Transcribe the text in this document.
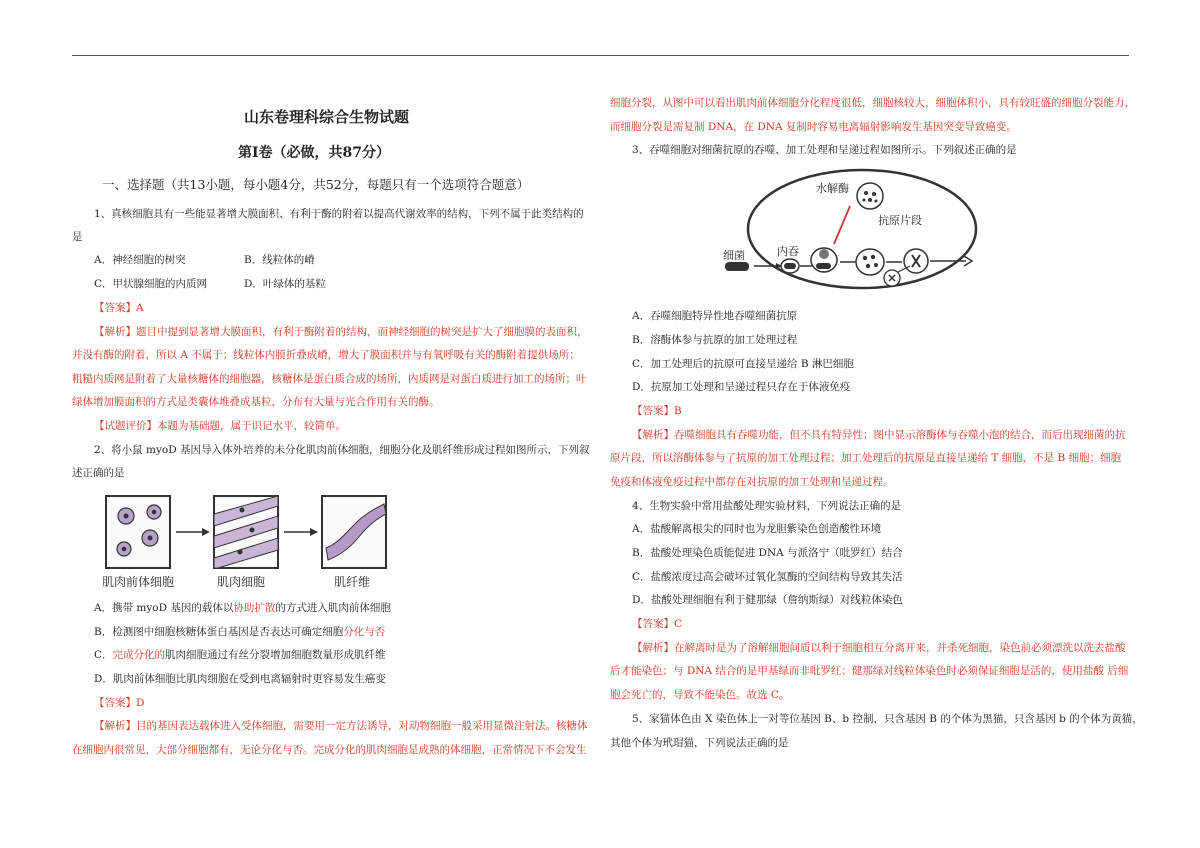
山东卷理科综合生物试题
第Ⅰ卷（必做，共87分）
一、选择题（共13小题，每小题4分，共52分，每题只有一个选项符合题意）
1、真核细胞具有一些能显著增大膜面积、有利于酶的附着以提高代谢效率的结构，下列不属于此类结构的
是
A．神经细胞的树突	B．线粒体的嵴
C．甲状腺细胞的内质网	D．叶绿体的基粒
【答案】A
【解析】题目中提到显著增大膜面积，有利于酶附着的结构，而神经细胞的树突是扩大了细胞膜的表面积，
并没有酶的附着，所以 A 不属于；线粒体内膜折叠成嵴，增大了膜面积并与有氧呼吸有关的酶附着提供场所；
粗糙内质网是附着了大量核糖体的细胞器，核糖体是蛋白质合成的场所，内质网是对蛋白质进行加工的场所；叶
绿体增加膜面积的方式是类囊体堆叠成基粒，分布有大量与光合作用有关的酶。
【试题评价】本题为基础题，属于识记水平，较简单。
2、将小鼠 myoD 基因导入体外培养的未分化肌肉前体细胞，细胞分化及肌纤维形成过程如图所示，下列叙
述正确的是
肌肉前体细胞	肌肉细胞	肌纤维
A．携带 myoD 基因的载体以协助扩散的方式进入肌肉前体细胞
B．检测图中细胞核糖体蛋白基因是否表达可确定细胞分化与否
C．完成分化的肌肉细胞通过有丝分裂增加细胞数量形成肌纤维
D．肌肉前体细胞比肌肉细胞在受到电离辐射时更容易发生癌变
【答案】D
【解析】目的基因表达载体进入受体细胞，需要用一定方法诱导，对动物细胞一般采用显微注射法。核糖体
在细胞内很常见，大部分细胞都有，无论分化与否。完成分化的肌肉细胞是成熟的体细胞，正常情况下不会发生
细胞分裂，从图中可以看出肌肉前体细胞分化程度很低，细胞核较大，细胞体积小，具有较旺盛的细胞分裂能力，
而细胞分裂是需复制 DNA，在 DNA 复制时容易电离辐射影响发生基因突变导致癌变。
3、吞噬细胞对细菌抗原的吞噬、加工处理和呈递过程如图所示。下列叙述正确的是
细菌	内吞
水解酶
抗原片段
A．吞噬细胞特异性地吞噬细菌抗原
B．溶酶体参与抗原的加工处理过程
C．加工处理后的抗原可直接呈递给 B 淋巴细胞
D．抗原加工处理和呈递过程只存在于体液免疫
【答案】B
【解析】吞噬细胞具有吞噬功能，但不具有特异性；图中显示溶酶体与吞噬小泡的结合，而后出现细菌的抗
原片段，所以溶酶体参与了抗原的加工处理过程；加工处理后的抗原是直接呈递给 T 细胞，不是 B 细胞；细胞
免疫和体液免疫过程中都存在对抗原的加工处理和呈递过程。
4、生物实验中常用盐酸处理实验材料，下列说法正确的是
A．盐酸解离根尖的同时也为龙胆紫染色创造酸性环境
B．盐酸处理染色质能促进 DNA 与派洛宁（吡罗红）结合
C．盐酸浓度过高会破坏过氧化氢酶的空间结构导致其失活
D．盐酸处理细胞有利于健那绿（詹纳斯绿）对线粒体染色
【答案】C
【解析】在解离时是为了溶解细胞间质以利于细胞相互分离开来，并杀死细胞，染色前必须漂洗以洗去盐酸
后才能染色；与 DNA 结合的是甲基绿而非吡罗红；健那绿对线粒体染色时必须保证细胞是活的，使用盐酸 后细
胞会死亡的，导致不能染色。故选 C。
5、家猫体色由 X 染色体上一对等位基因 B、b 控制，只含基因 B 的个体为黑猫，只含基因 b 的个体为黄猫，
其他个体为玳瑁猫，下列说法正确的是
